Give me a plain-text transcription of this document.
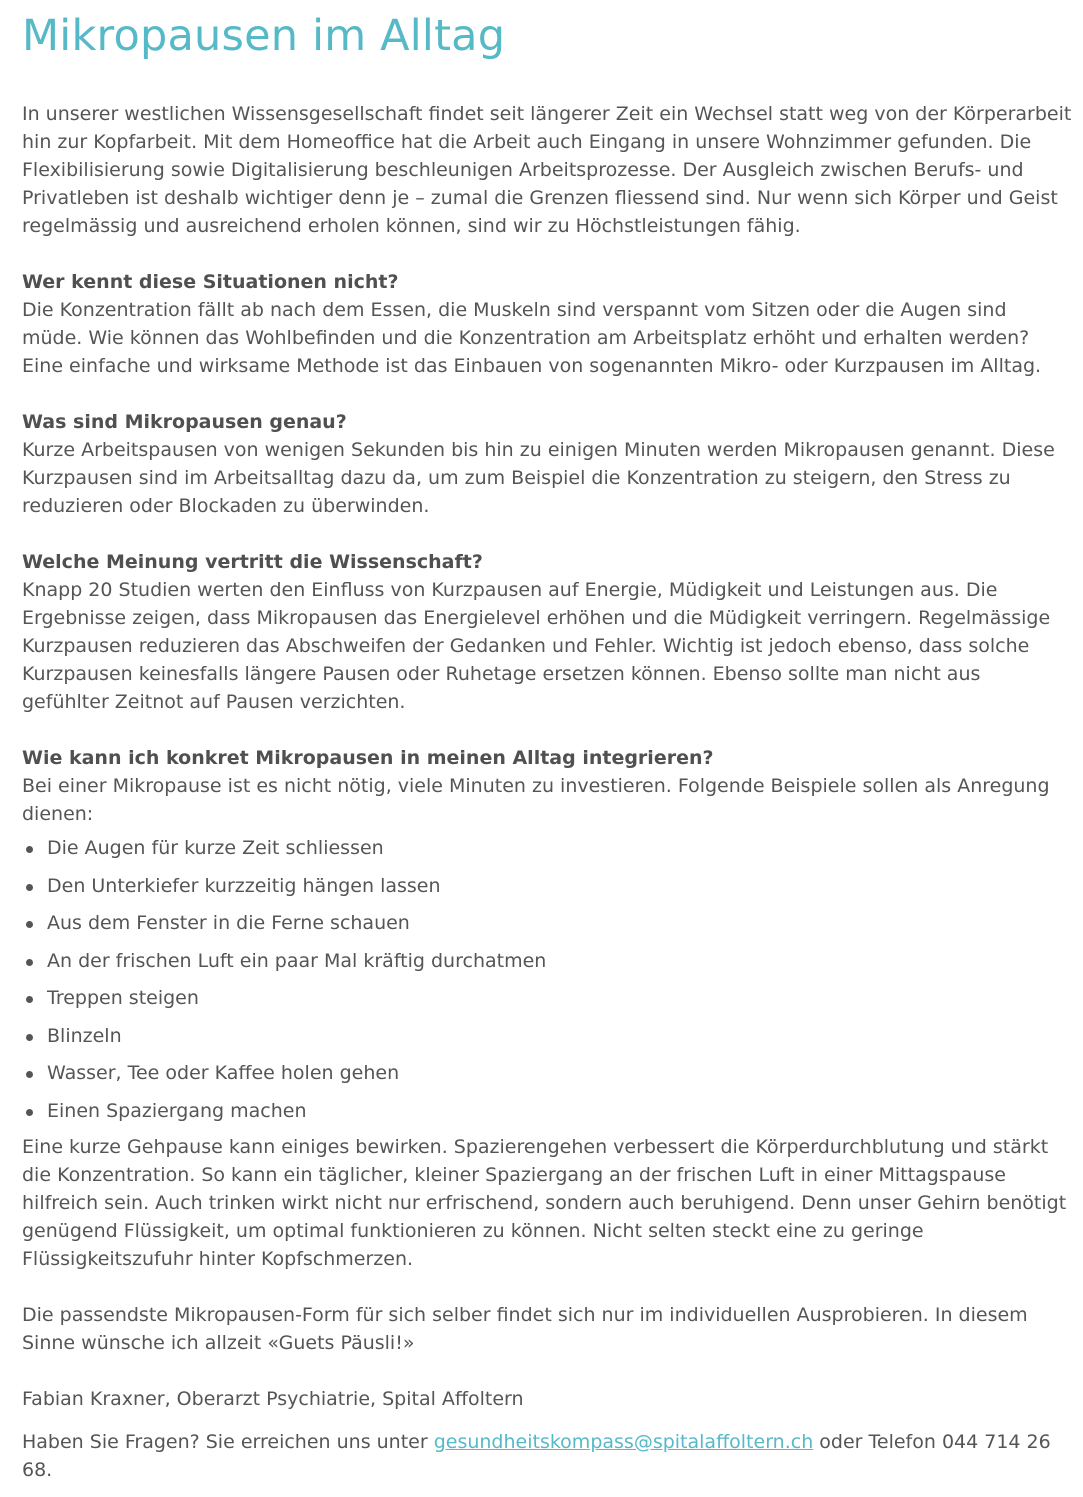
Mikropausen im Alltag

In unserer westlichen Wissensgesellschaft findet seit längerer Zeit ein Wechsel statt weg von der Körperarbeit hin zur Kopfarbeit. Mit dem Homeoffice hat die Arbeit auch Eingang in unsere Wohnzimmer gefunden. Die Flexibilisierung sowie Digitalisierung beschleunigen Arbeitsprozesse. Der Ausgleich zwischen Berufs- und Privatleben ist deshalb wichtiger denn je – zumal die Grenzen fliessend sind. Nur wenn sich Körper und Geist regelmässig und ausreichend erholen können, sind wir zu Höchstleistungen fähig.

Wer kennt diese Situationen nicht?
Die Konzentration fällt ab nach dem Essen, die Muskeln sind verspannt vom Sitzen oder die Augen sind müde. Wie können das Wohlbefinden und die Konzentration am Arbeitsplatz erhöht und erhalten werden? Eine einfache und wirksame Methode ist das Einbauen von sogenannten Mikro- oder Kurzpausen im Alltag.

Was sind Mikropausen genau?
Kurze Arbeitspausen von wenigen Sekunden bis hin zu einigen Minuten werden Mikropausen genannt. Diese Kurzpausen sind im Arbeitsalltag dazu da, um zum Beispiel die Konzentration zu steigern, den Stress zu reduzieren oder Blockaden zu überwinden.

Welche Meinung vertritt die Wissenschaft?
Knapp 20 Studien werten den Einfluss von Kurzpausen auf Energie, Müdigkeit und Leistungen aus. Die Ergebnisse zeigen, dass Mikropausen das Energielevel erhöhen und die Müdigkeit verringern. Regelmässige Kurzpausen reduzieren das Abschweifen der Gedanken und Fehler. Wichtig ist jedoch ebenso, dass solche Kurzpausen keinesfalls längere Pausen oder Ruhetage ersetzen können. Ebenso sollte man nicht aus gefühlter Zeitnot auf Pausen verzichten.

Wie kann ich konkret Mikropausen in meinen Alltag integrieren?
Bei einer Mikropause ist es nicht nötig, viele Minuten zu investieren. Folgende Beispiele sollen als Anregung dienen:

Die Augen für kurze Zeit schliessen
Den Unterkiefer kurzzeitig hängen lassen
Aus dem Fenster in die Ferne schauen
An der frischen Luft ein paar Mal kräftig durchatmen
Treppen steigen
Blinzeln
Wasser, Tee oder Kaffee holen gehen
Einen Spaziergang machen

Eine kurze Gehpause kann einiges bewirken. Spazierengehen verbessert die Körperdurchblutung und stärkt die Konzentration. So kann ein täglicher, kleiner Spaziergang an der frischen Luft in einer Mittagspause hilfreich sein. Auch trinken wirkt nicht nur erfrischend, sondern auch beruhigend. Denn unser Gehirn benötigt genügend Flüssigkeit, um optimal funktionieren zu können. Nicht selten steckt eine zu geringe Flüssigkeitszufuhr hinter Kopfschmerzen.

Die passendste Mikropausen-Form für sich selber findet sich nur im individuellen Ausprobieren. In diesem Sinne wünsche ich allzeit «Guets Päusli!»

Fabian Kraxner, Oberarzt Psychiatrie, Spital Affoltern

Haben Sie Fragen? Sie erreichen uns unter gesundheitskompass@spitalaffoltern.ch oder Telefon 044 714 26 68.
